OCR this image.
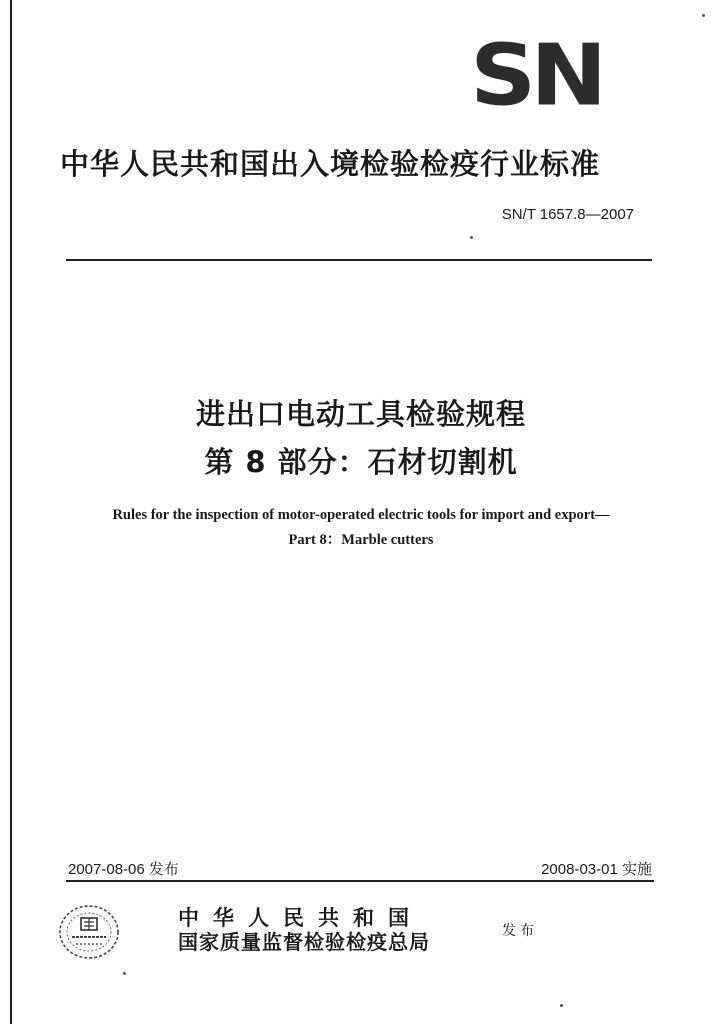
SN
中华人民共和国出入境检验检疫行业标准
SN/T 1657.8—2007
进出口电动工具检验规程
第 8 部分：石材切割机
Rules for the inspection of motor-operated electric tools for import and export—
Part 8：Marble cutters
2007-08-06 发布	2008-03-01 实施
中华人民共和国
国家质量监督检验检疫总局	发布
